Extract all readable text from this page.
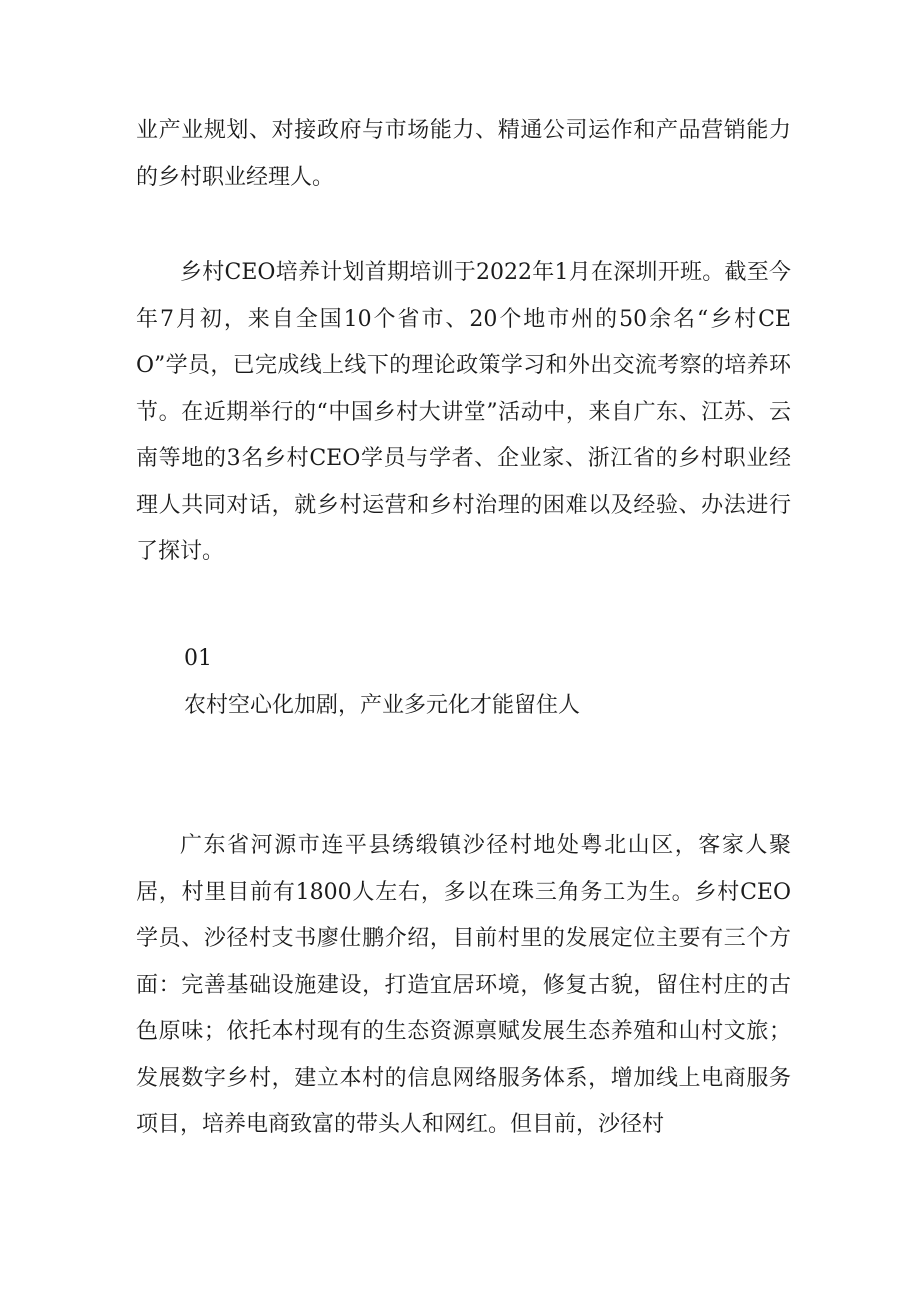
业产业规划、对接政府与市场能力、精通公司运作和产品营销能力的乡村职业经理人。

乡村CEO培养计划首期培训于2022年1月在深圳开班。截至今年7月初，来自全国10个省市、20个地市州的50余名“乡村CEO”学员，已完成线上线下的理论政策学习和外出交流考察的培养环节。在近期举行的“中国乡村大讲堂”活动中，来自广东、江苏、云南等地的3名乡村CEO学员与学者、企业家、浙江省的乡村职业经理人共同对话，就乡村运营和乡村治理的困难以及经验、办法进行了探讨。

01

农村空心化加剧，产业多元化才能留住人

广东省河源市连平县绣缎镇沙径村地处粤北山区，客家人聚居，村里目前有1800人左右，多以在珠三角务工为生。乡村CEO学员、沙径村支书廖仕鹏介绍，目前村里的发展定位主要有三个方面：完善基础设施建设，打造宜居环境，修复古貌，留住村庄的古色原味；依托本村现有的生态资源禀赋发展生态养殖和山村文旅；发展数字乡村，建立本村的信息网络服务体系，增加线上电商服务项目，培养电商致富的带头人和网红。但目前，沙径村
